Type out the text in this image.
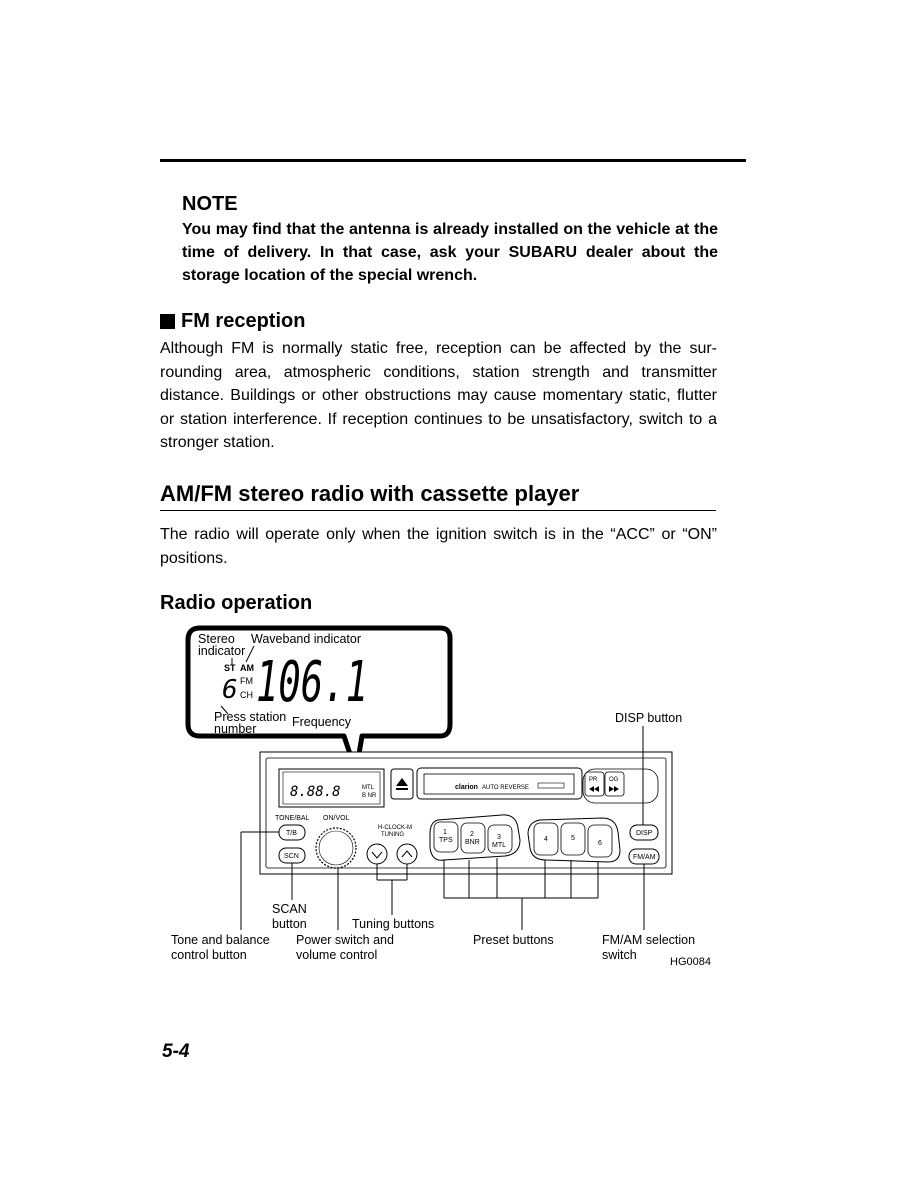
NOTE

You may find that the antenna is already installed on the vehicle at the time of delivery. In that case, ask your SUBARU dealer about the storage location of the special wrench.

FM reception

Although FM is normally static free, reception can be affected by the sur-rounding area, atmospheric conditions, station strength and transmitter distance. Buildings or other obstructions may cause momentary static, flutter or station interference. If reception continues to be unsatisfactory, switch to a stronger station.

AM/FM stereo radio with cassette player

The radio will operate only when the ignition switch is in the “ACC” or “ON” positions.

Radio operation
Stereo
indicator
Waveband indicator
ST AM
FM
CH
6 106.1
Press station
number	Frequency
8.88.8	MTL
B NR
clarion AUTO REVERSE
PR OG
TONE/BAL ON/VOL
T/B
SCN
H-CLOCK-M
TUNING	1
TPS
2
BNR
3
MTL
4	5
6
DISP
FM/AM
DISP button
SCAN
button	Tuning buttons
Tone and balance
control button
Power switch and
volume control
Preset buttons	FM/AM selection
switch	HG0084
5-4
